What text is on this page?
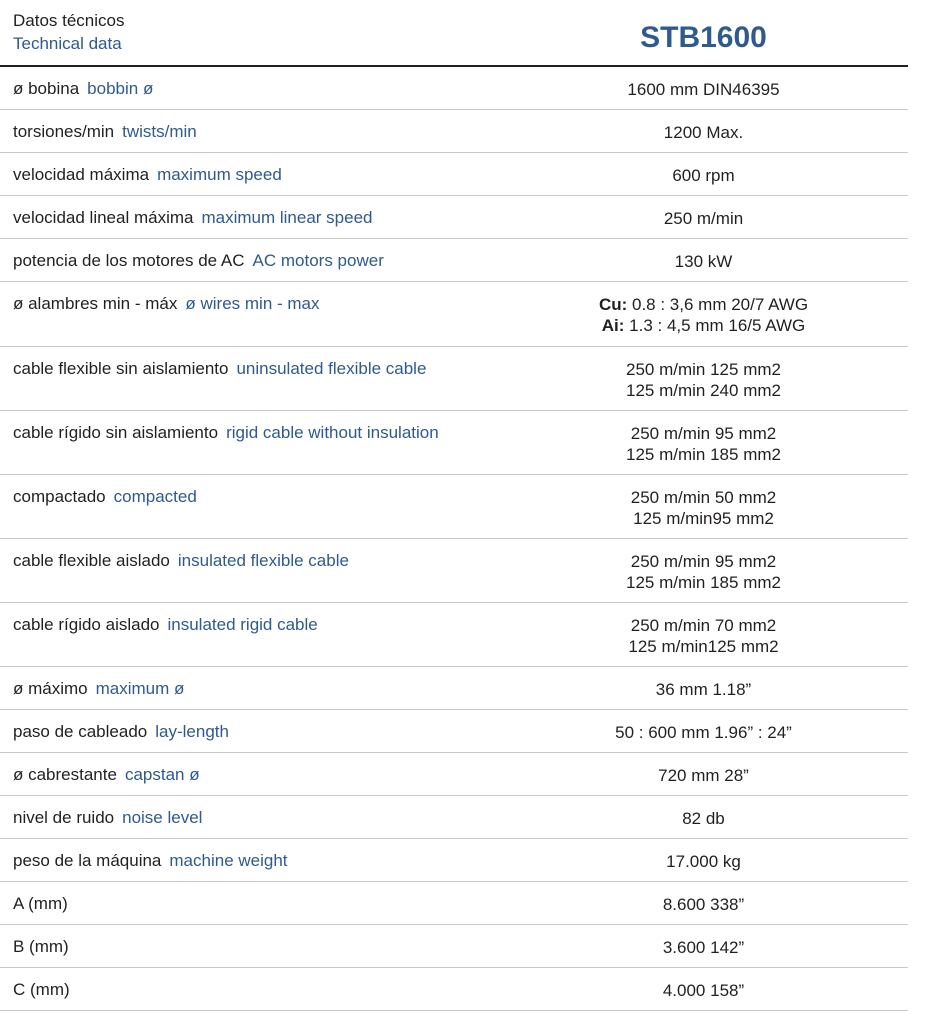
Datos técnicos
Technical data	STB1600
ø bobina bobbin ø	1600 mm DIN46395
torsiones/min twists/min	1200 Max.
velocidad máxima maximum speed	600 rpm
velocidad lineal máxima maximum linear speed	250 m/min
potencia de los motores de AC AC motors power	130 kW
ø alambres min - máx ø wires min - max	Cu: 0.8 : 3,6 mm 20/7 AWG
Ai: 1.3 : 4,5 mm 16/5 AWG
cable flexible sin aislamiento uninsulated flexible cable	250 m/min 125 mm2
125 m/min 240 mm2
cable rígido sin aislamiento rigid cable without insulation	250 m/min 95 mm2
125 m/min 185 mm2
compactado compacted	250 m/min 50 mm2
125 m/min95 mm2
cable flexible aislado insulated flexible cable	250 m/min 95 mm2
125 m/min 185 mm2
cable rígido aislado insulated rigid cable	250 m/min 70 mm2
125 m/min125 mm2
ø máximo maximum ø	36 mm 1.18”
paso de cableado lay-length	50 : 600 mm 1.96” : 24”
ø cabrestante capstan ø	720 mm 28”
nivel de ruido noise level	82 db
peso de la máquina machine weight	17.000 kg
A (mm)	8.600 338”
B (mm)	3.600 142”
C (mm)	4.000 158”
